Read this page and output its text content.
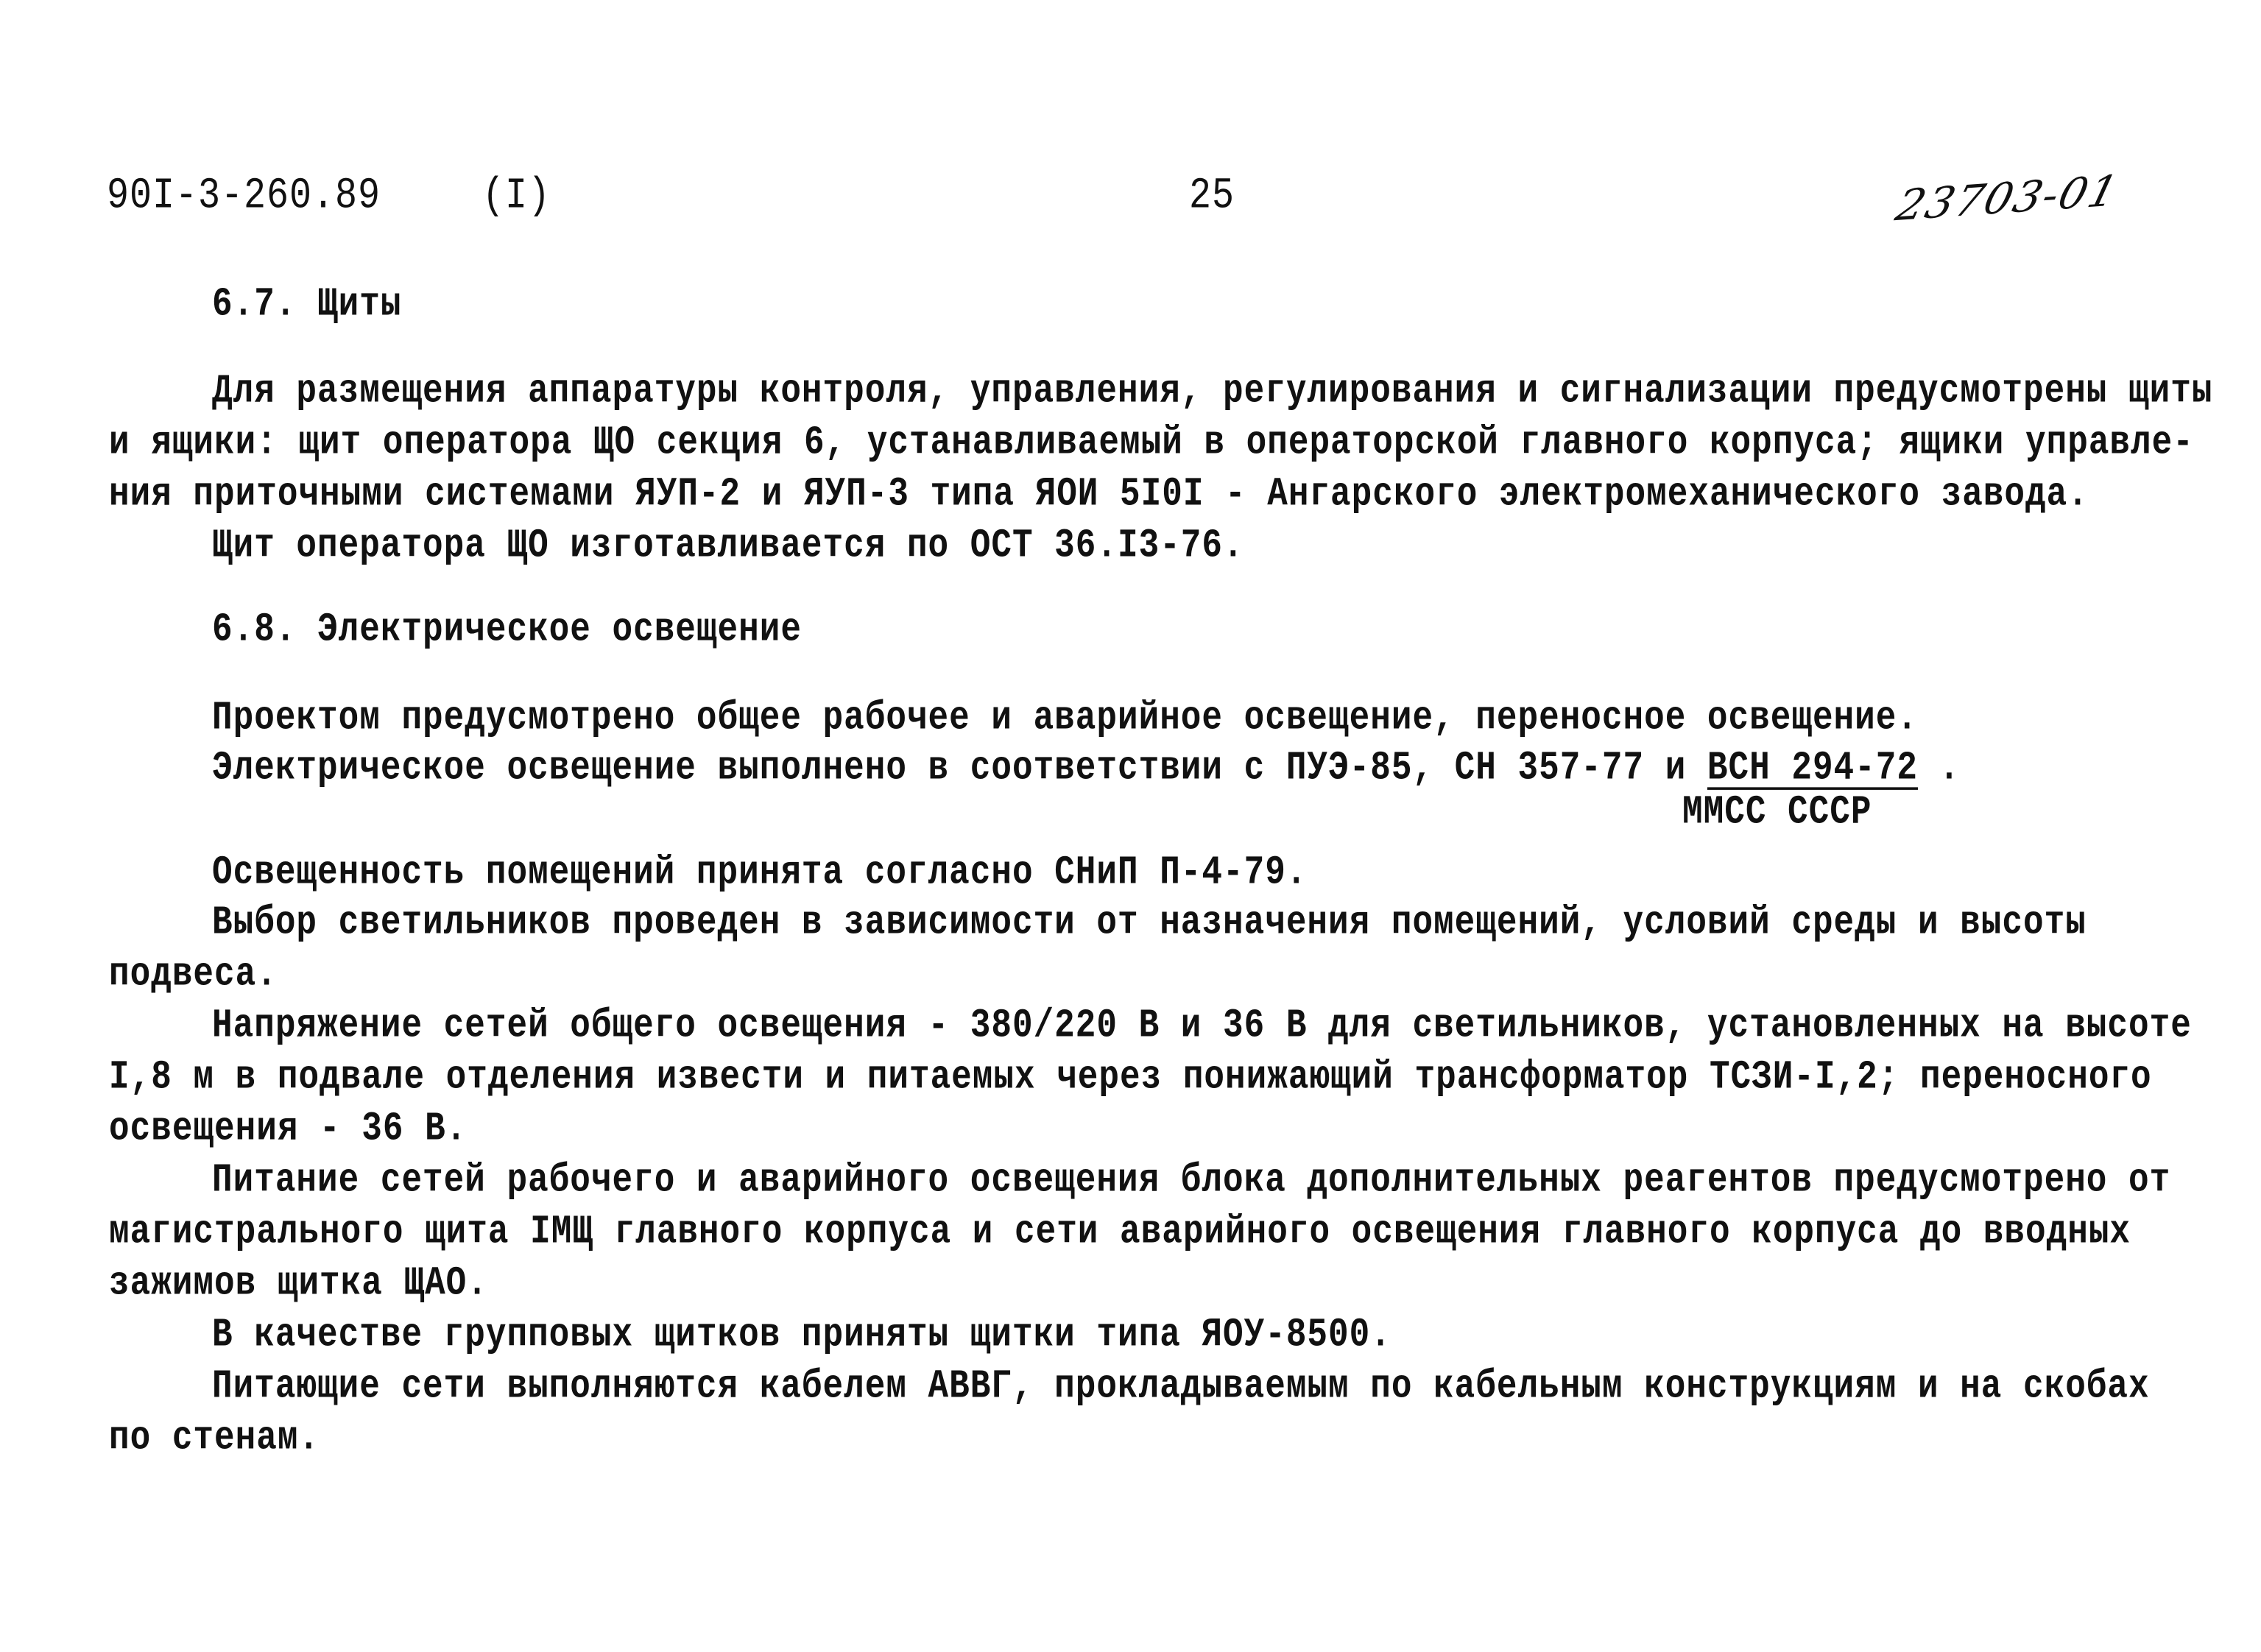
90I-3-260.89	(I)	25	23703-01
6.7. Щиты
Для размещения аппаратуры контроля, управления, регулирования и сигнализации предусмотрены щиты
и ящики: щит оператора ЩО секция 6, устанавливаемый в операторской главного корпуса; ящики управле-
ния приточными системами ЯУП-2 и ЯУП-3 типа ЯОИ 5I0I - Ангарского электромеханического завода.
Щит оператора ЩО изготавливается по ОСТ 36.I3-76.
6.8. Электрическое освещение
Проектом предусмотрено общее рабочее и аварийное освещение, переносное освещение.
Электрическое освещение выполнено в соответствии с ПУЭ-85, СН 357-77 и ВСН 294-72 .
ММСС СССР
Освещенность помещений принята согласно СНиП П-4-79.
Выбор светильников проведен в зависимости от назначения помещений, условий среды и высоты
подвеса.
Напряжение сетей общего освещения - 380/220 В и 36 В для светильников, установленных на высоте
I,8 м в подвале отделения извести и питаемых через понижающий трансформатор ТСЗИ-I,2; переносного
освещения - 36 В.
Питание сетей рабочего и аварийного освещения блока дополнительных реагентов предусмотрено от
магистрального щита IМЩ главного корпуса и сети аварийного освещения главного корпуса до вводных
зажимов щитка ЩАО.
В качестве групповых щитков приняты щитки типа ЯОУ-8500.
Питающие сети выполняются кабелем АВВГ, прокладываемым по кабельным конструкциям и на скобах
по стенам.
